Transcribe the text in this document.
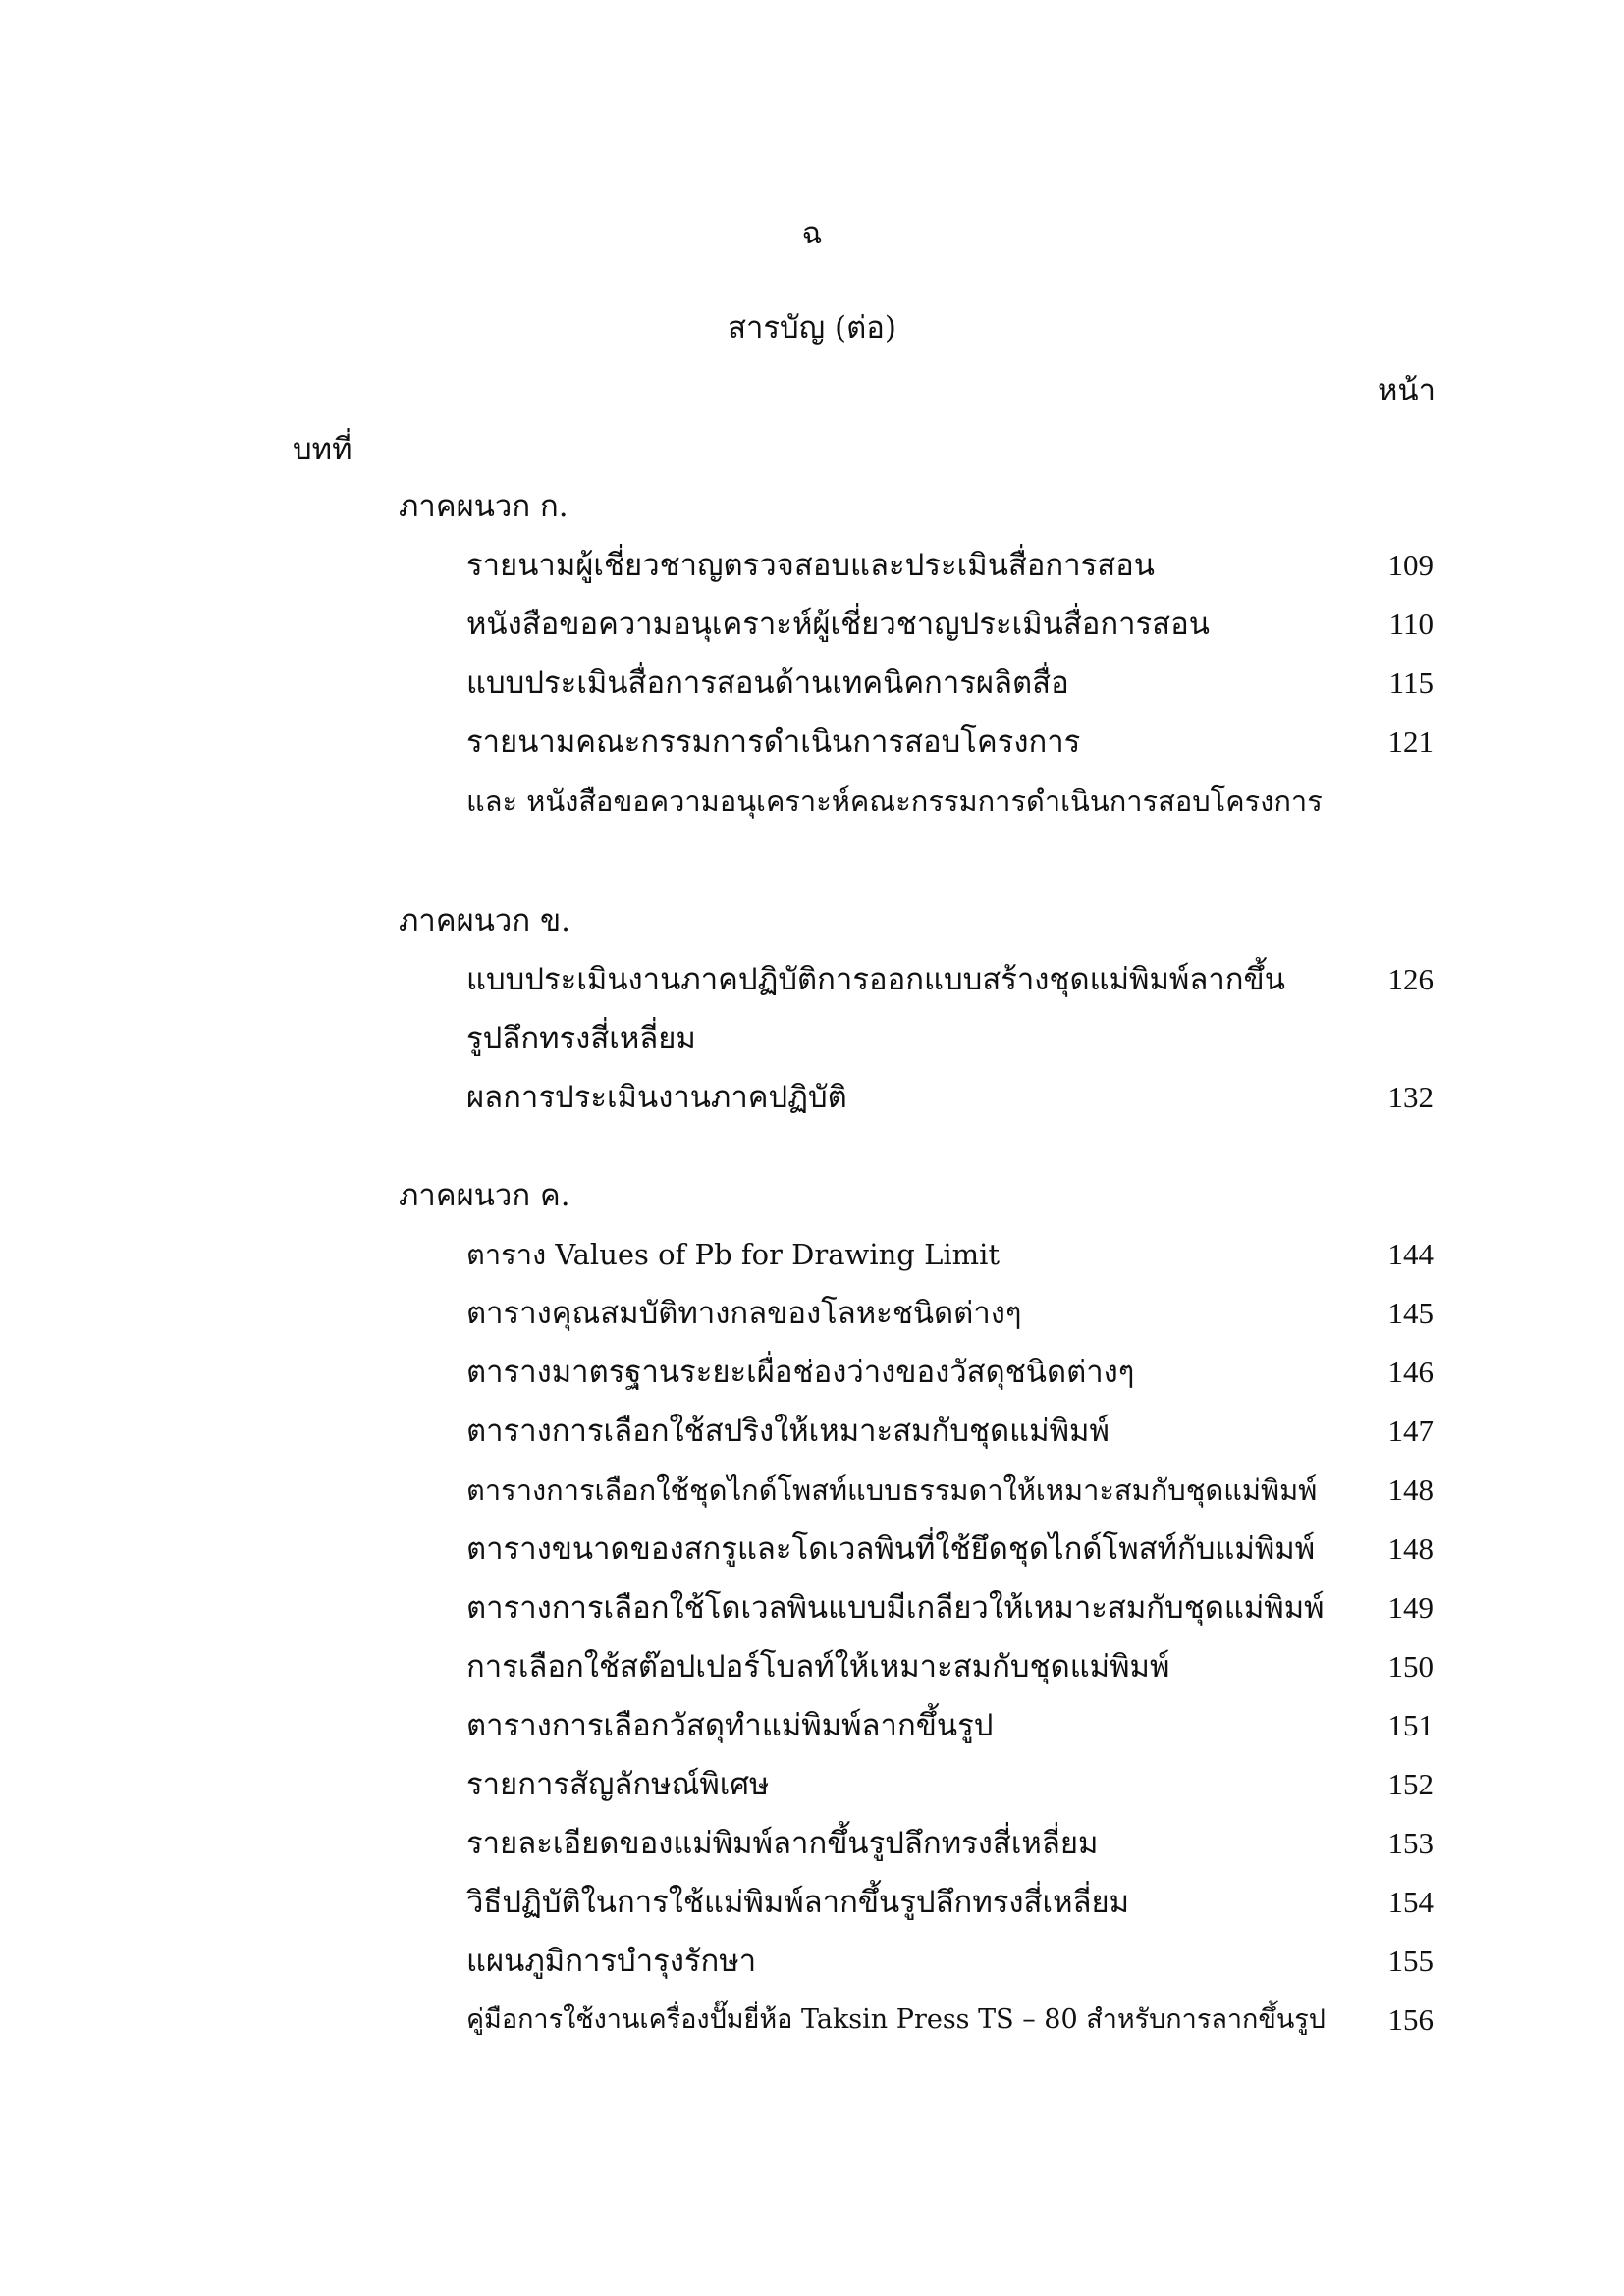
ฉ
สารบัญ (ต่อ)
หน้า
บทที่
ภาคผนวก ก.
รายนามผู้เชี่ยวชาญตรวจสอบและประเมินสื่อการสอน	109
หนังสือขอความอนุเคราะห์ผู้เชี่ยวชาญประเมินสื่อการสอน	110
แบบประเมินสื่อการสอนด้านเทคนิคการผลิตสื่อ	115
รายนามคณะกรรมการดำเนินการสอบโครงการ	121
และ หนังสือขอความอนุเคราะห์คณะกรรมการดำเนินการสอบโครงการ
ภาคผนวก ข.
แบบประเมินงานภาคปฏิบัติการออกแบบสร้างชุดแม่พิมพ์ลากขึ้น	126
รูปลึกทรงสี่เหลี่ยม
ผลการประเมินงานภาคปฏิบัติ	132
ภาคผนวก ค.
ตาราง Values of Pb for Drawing Limit	144
ตารางคุณสมบัติทางกลของโลหะชนิดต่างๆ	145
ตารางมาตรฐานระยะเผื่อช่องว่างของวัสดุชนิดต่างๆ	146
ตารางการเลือกใช้สปริงให้เหมาะสมกับชุดแม่พิมพ์	147
ตารางการเลือกใช้ชุดไกด์โพสท์แบบธรรมดาให้เหมาะสมกับชุดแม่พิมพ์	148
ตารางขนาดของสกรูและโดเวลพินที่ใช้ยึดชุดไกด์โพสท์กับแม่พิมพ์	148
ตารางการเลือกใช้โดเวลพินแบบมีเกลียวให้เหมาะสมกับชุดแม่พิมพ์	149
การเลือกใช้สต๊อปเปอร์โบลท์ให้เหมาะสมกับชุดแม่พิมพ์	150
ตารางการเลือกวัสดุทำแม่พิมพ์ลากขึ้นรูป	151
รายการสัญลักษณ์พิเศษ	152
รายละเอียดของแม่พิมพ์ลากขึ้นรูปลึกทรงสี่เหลี่ยม	153
วิธีปฏิบัติในการใช้แม่พิมพ์ลากขึ้นรูปลึกทรงสี่เหลี่ยม	154
แผนภูมิการบำรุงรักษา	155
คู่มือการใช้งานเครื่องปั๊มยี่ห้อ Taksin Press TS – 80 สำหรับการลากขึ้นรูป	156
